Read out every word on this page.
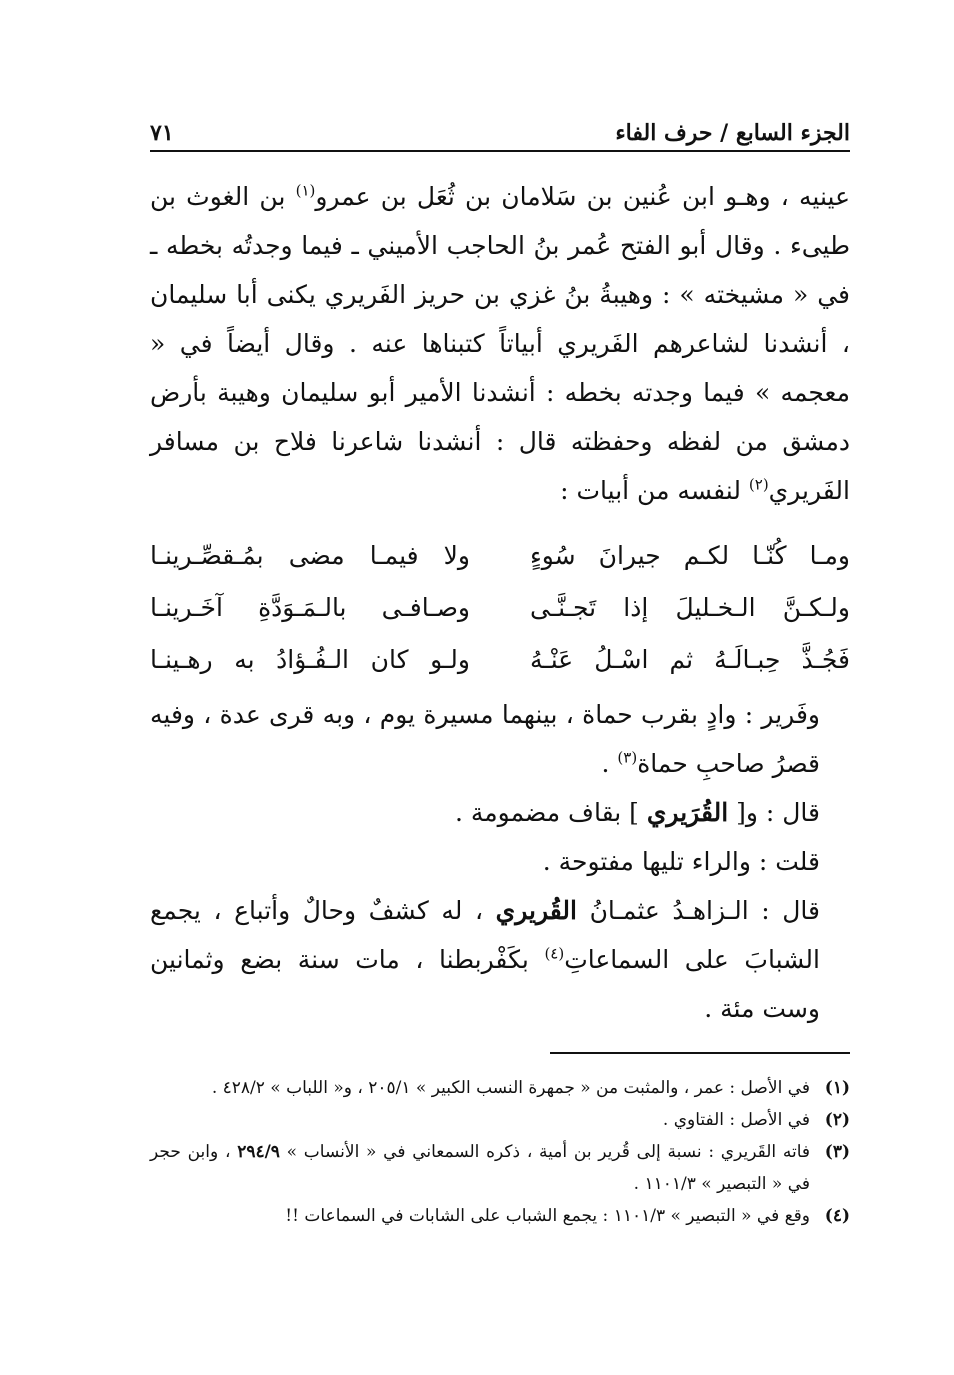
الجزء السابع / حرف الفاء
٧١

عينيه ، وهـو ابن عُنين بن سَلامان بن ثُعَل بن عمرو$^{(١)}$ بن الغوث بن طيىء . وقال أبو الفتح عُمر بنُ الحاجب الأميني ـ فيما وجدتُه بخطه ـ في « مشيخته » : وهيبةُ بنُ غزي بن حريز الفَريري يكنى أبا سليمان ، أنشدنا لشاعرهم الفَريري أبياتاً كتبناها عنه . وقال أيضاً في « معجمه » فيما وجدته بخطه : أنشدنا الأمير أبو سليمان وهيبة بأرض دمشق من لفظه وحفظته قال : أنشدنا شاعرنا فلاح بن مسافر الفَريري$^{(٢)}$ لنفسه من أبيات :

ومـا كُنّـا لكـم جيرانَ سُوءٍ
ولا فيمـا مضى بمُـقصِّـرينـا
ولـكـنَّ الـخـليلَ إذا تَجـنَّـى
وصـافـى بالـمَـوَدَّةِ آخَـرينـا
فَجُـذَّ حِبـالَـهُ ثم اسْـلُ عَنْـهُ
ولـو كان الـفُـؤادُ به رهـينـا

وفَرير : وادٍ بقرب حماة ، بينهما مسيرة يوم ، وبه قرى عدة ، وفيه قصرُ صاحبِ حماة$^{(٣)}$ .

قال : و[ القُرَيري ] بقاف مضمومة .

قلت : والراء تليها مفتوحة .

قال : الـزاهـدُ عثمـانُ القُريري ، له كشفٌ وحالٌ وأتباع ، يجمع الشبابَ على السماعاتِ$^{(٤)}$ بكَفْربطنا ، مات سنة بضع وثمانين وست مئة .

(١)
في الأصل : عمر ، والمثبت من « جمهرة النسب الكبير » ٢٠٥/١ ، و« اللباب » ٤٢٨/٢ .

(٢)
في الأصل : الفتاوي .

(٣)
فاته القَريري : نسبة إلى قُرير بن أمية ، ذكره السمعاني في « الأنساب » ٢٩٤/٩ ، وابن حجر في « التبصير » ١١٠١/٣ .

(٤)
وقع في « التبصير » ١١٠١/٣ : يجمع الشباب على الشابات في السماعات !!
